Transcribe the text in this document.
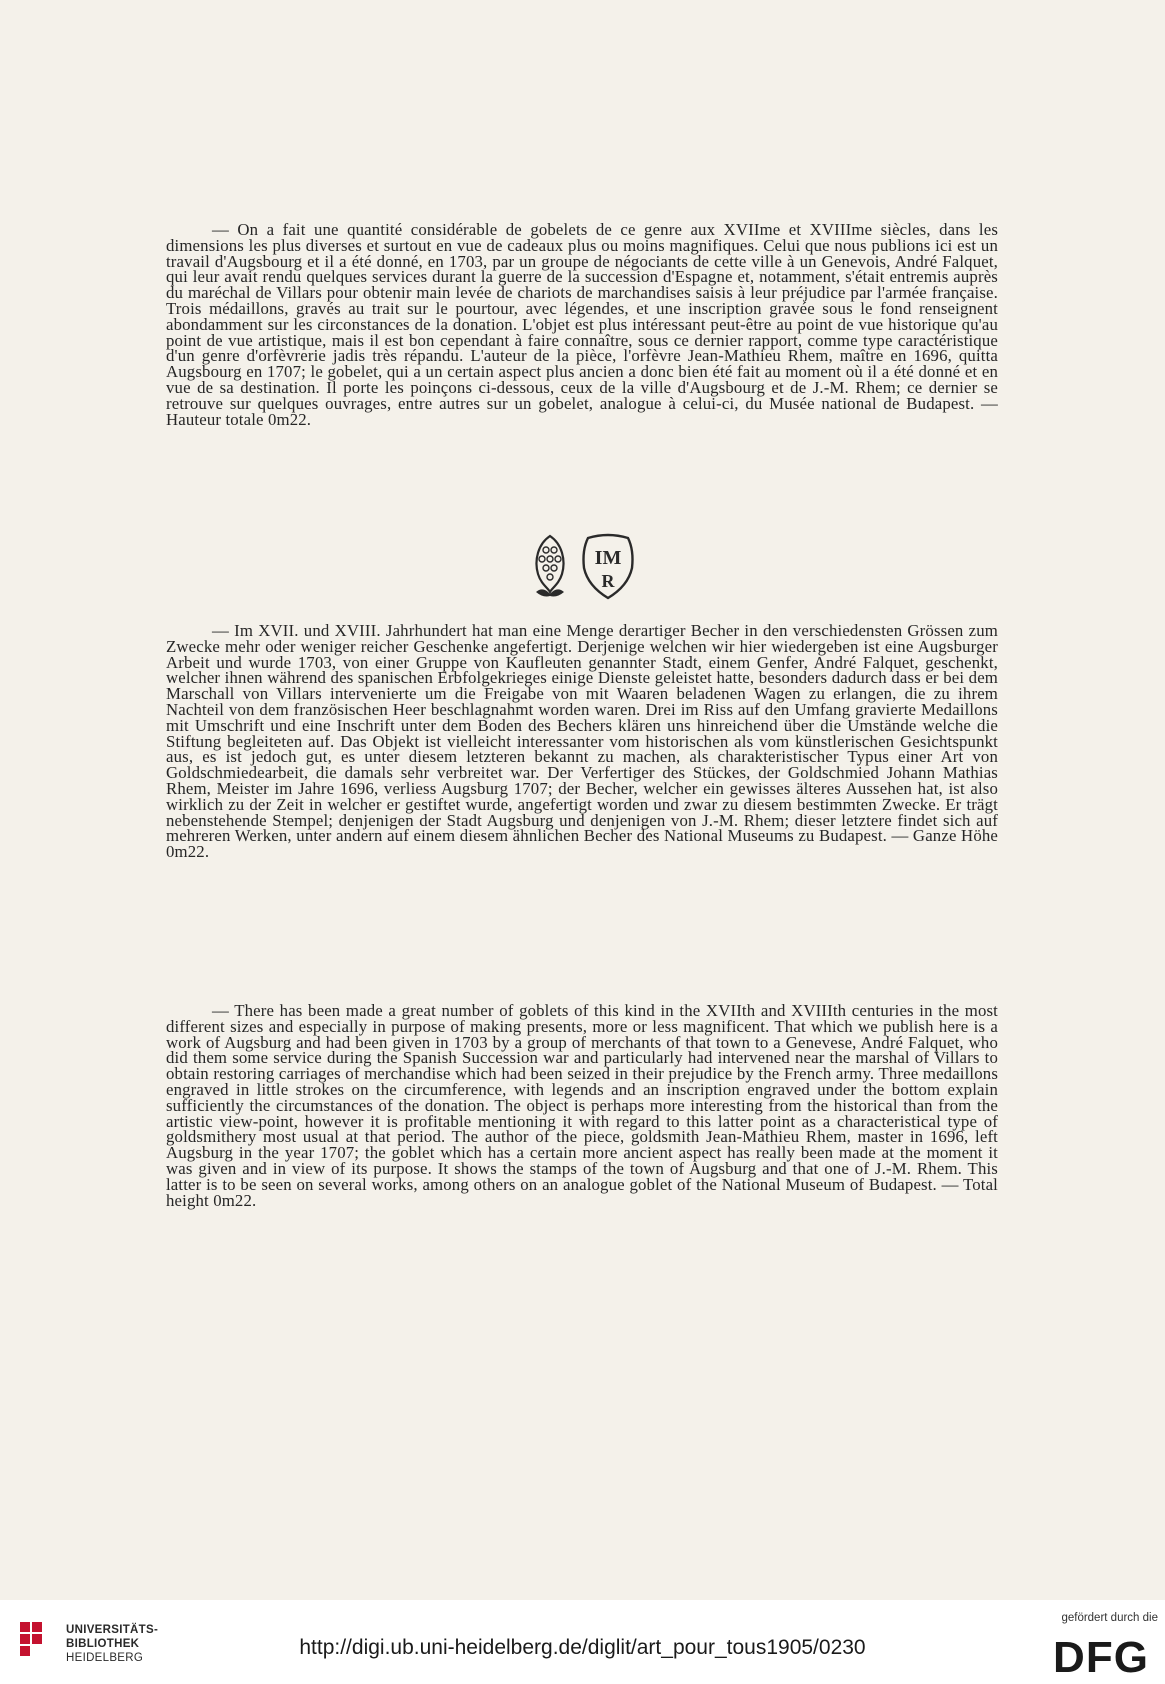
— On a fait une quantité considérable de gobelets de ce genre aux XVIIme et XVIIIme siècles, dans les dimensions les plus diverses et surtout en vue de cadeaux plus ou moins magnifiques. Celui que nous publions ici est un travail d'Augsbourg et il a été donné, en 1703, par un groupe de négociants de cette ville à un Genevois, André Falquet, qui leur avait rendu quelques services durant la guerre de la succession d'Espagne et, notamment, s'était entremis auprès du maréchal de Villars pour obtenir main levée de chariots de marchandises saisis à leur préjudice par l'armée française. Trois médaillons, gravés au trait sur le pourtour, avec légendes, et une inscription gravée sous le fond renseignent abondamment sur les circonstances de la donation. L'objet est plus intéressant peut-être au point de vue historique qu'au point de vue artistique, mais il est bon cependant à faire connaître, sous ce dernier rapport, comme type caractéristique d'un genre d'orfèvrerie jadis très répandu. L'auteur de la pièce, l'orfèvre Jean-Mathieu Rhem, maître en 1696, quitta Augsbourg en 1707; le gobelet, qui a un certain aspect plus ancien a donc bien été fait au moment où il a été donné et en vue de sa destination. Il porte les poinçons ci-dessous, ceux de la ville d'Augsbourg et de J.-M. Rhem; ce dernier se retrouve sur quelques ouvrages, entre autres sur un gobelet, analogue à celui-ci, du Musée national de Budapest. — Hauteur totale 0m22.

IM
R

— Im XVII. und XVIII. Jahrhundert hat man eine Menge derartiger Becher in den verschiedensten Grössen zum Zwecke mehr oder weniger reicher Geschenke angefertigt. Derjenige welchen wir hier wiedergeben ist eine Augsburger Arbeit und wurde 1703, von einer Gruppe von Kaufleuten genannter Stadt, einem Genfer, André Falquet, geschenkt, welcher ihnen während des spanischen Erbfolgekrieges einige Dienste geleistet hatte, besonders dadurch dass er bei dem Marschall von Villars intervenierte um die Freigabe von mit Waaren beladenen Wagen zu erlangen, die zu ihrem Nachteil von dem französischen Heer beschlagnahmt worden waren. Drei im Riss auf den Umfang gravierte Medaillons mit Umschrift und eine Inschrift unter dem Boden des Bechers klären uns hinreichend über die Umstände welche die Stiftung begleiteten auf. Das Objekt ist vielleicht interessanter vom historischen als vom künstlerischen Gesichtspunkt aus, es ist jedoch gut, es unter diesem letzteren bekannt zu machen, als charakteristischer Typus einer Art von Goldschmiedearbeit, die damals sehr verbreitet war. Der Verfertiger des Stückes, der Goldschmied Johann Mathias Rhem, Meister im Jahre 1696, verliess Augsburg 1707; der Becher, welcher ein gewisses älteres Aussehen hat, ist also wirklich zu der Zeit in welcher er gestiftet wurde, angefertigt worden und zwar zu diesem bestimmten Zwecke. Er trägt nebenstehende Stempel; denjenigen der Stadt Augsburg und denjenigen von J.-M. Rhem; dieser letztere findet sich auf mehreren Werken, unter andern auf einem diesem ähnlichen Becher des National Museums zu Budapest. — Ganze Höhe 0m22.

— There has been made a great number of goblets of this kind in the XVIIth and XVIIIth centuries in the most different sizes and especially in purpose of making presents, more or less magnificent. That which we publish here is a work of Augsburg and had been given in 1703 by a group of merchants of that town to a Genevese, André Falquet, who did them some service during the Spanish Succession war and particularly had intervened near the marshal of Villars to obtain restoring carriages of merchandise which had been seized in their prejudice by the French army. Three medaillons engraved in little strokes on the circumference, with legends and an inscription engraved under the bottom explain sufficiently the circumstances of the donation. The object is perhaps more interesting from the historical than from the artistic view-point, however it is profitable mentioning it with regard to this latter point as a characteristical type of goldsmithery most usual at that period. The author of the piece, goldsmith Jean-Mathieu Rhem, master in 1696, left Augsburg in the year 1707; the goblet which has a certain more ancient aspect has really been made at the moment it was given and in view of its purpose. It shows the stamps of the town of Augsburg and that one of J.-M. Rhem. This latter is to be seen on several works, among others on an analogue goblet of the National Museum of Budapest. — Total height 0m22.

UNIVERSITÄTS-
BIBLIOTHEK
HEIDELBERG	http://digi.ub.uni-heidelberg.de/diglit/art_pour_tous1905/0230
gefördert durch die
DFG
